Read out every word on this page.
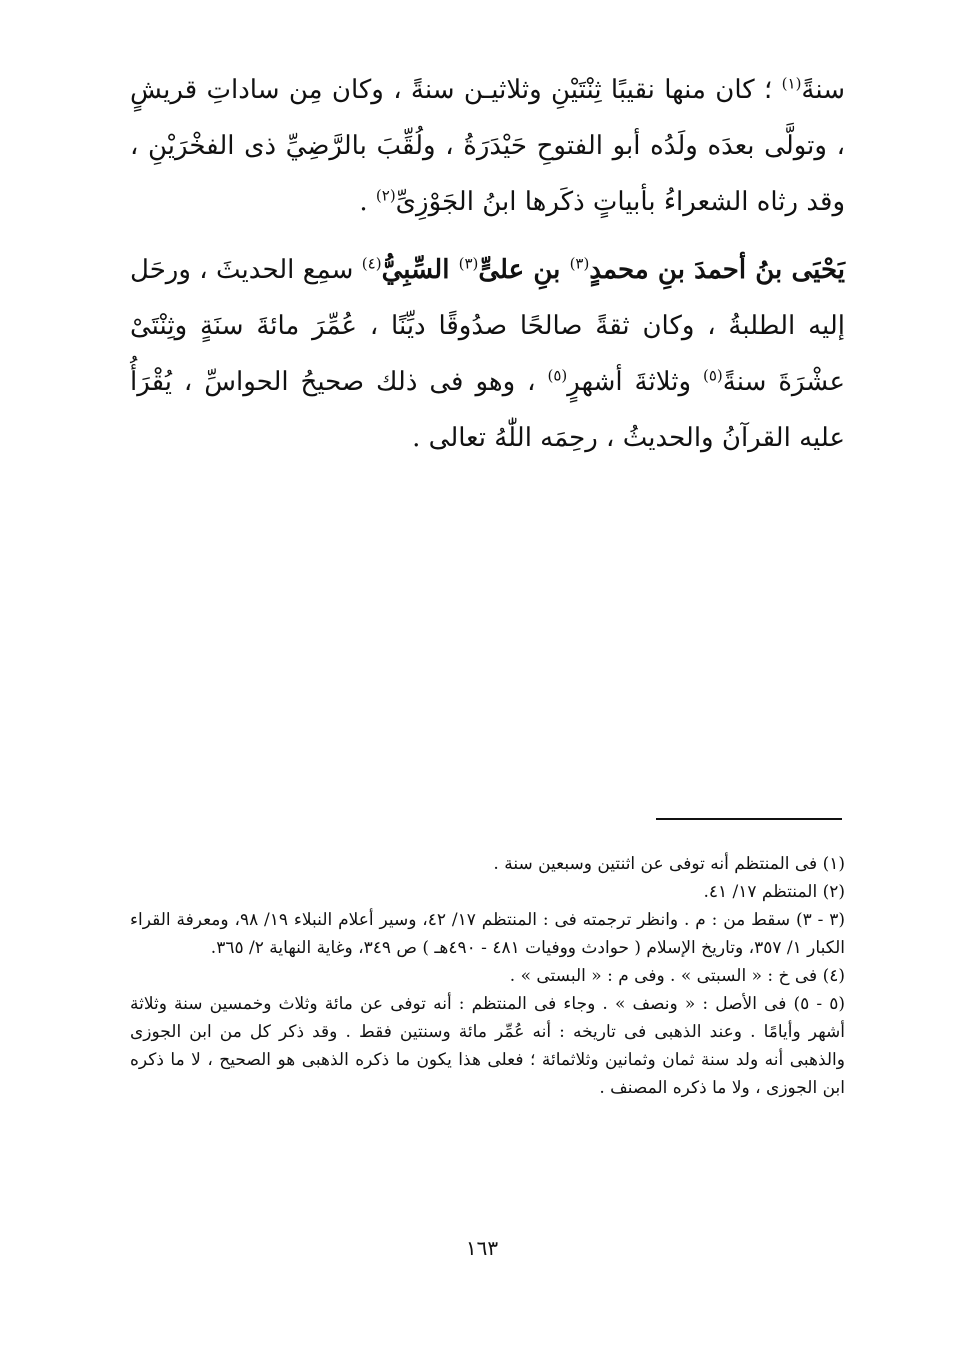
سنةً$^{(١)}$ ؛ كان منها نقيبًا ثِنْتَيْنِ وثلاثيـن سنةً ، وكان مِن ساداتِ قريشٍ ، وتولَّى بعدَه ولَدُه أبو الفتوحِ حَيْدَرَةُ ، ولُقِّبَ بالرَّضِيِّ ذى الفخْرَيْنِ ، وقد رثاه الشعراءُ بأبياتٍ ذكَرها ابنُ الجَوْزِىِّ$^{(٢)}$ .

يَحْيَى بنُ أحمدَ بنِ محمدٍ$^{(٣)}$ بنِ علىٍّ$^{(٣)}$ السِّبِيُّ$^{(٤)}$ سمِع الحديثَ ، ورحَل إليه الطلبةُ ، وكان ثقةً صالحًا صدُوقًا ديِّنًا ، عُمِّرَ مائةَ سنَةٍ وثِنْتَىْ عشْرَةَ سنةً$^{(٥)}$ وثلاثةَ أشهرٍ$^{(٥)}$ ، وهو فى ذلك صحيحُ الحواسِّ ، يُقْرَأُ عليه القرآنُ والحديثُ ، رحِمَه اللّٰهُ تعالى .

(١) فى المنتظم أنه توفى عن اثنتين وسبعين سنة .

(٢) المنتظم ١٧/ ٤١.

(٣ - ٣) سقط من : م . وانظر ترجمته فى : المنتظم ١٧/ ٤٢، وسير أعلام النبلاء ١٩/ ٩٨، ومعرفة القراء الكبار ١/ ٣٥٧، وتاريخ الإسلام ( حوادث ووفيات ٤٨١ - ٤٩٠هـ ) ص ٣٤٩، وغاية النهاية ٢/ ٣٦٥.

(٤) فى خ : « السبتى » . وفى م : « البستى » .

(٥ - ٥) فى الأصل : « ونصف » . وجاء فى المنتظم : أنه توفى عن مائة وثلاث وخمسين سنة وثلاثة أشهر وأيامًا . وعند الذهبى فى تاريخه : أنه عُمِّر مائة وسنتين فقط . وقد ذكر كل من ابن الجوزى والذهبى أنه ولد سنة ثمان وثمانين وثلاثمائة ؛ فعلى هذا يكون ما ذكره الذهبى هو الصحيح ، لا ما ذكره ابن الجوزى ، ولا ما ذكره المصنف .

١٦٣
